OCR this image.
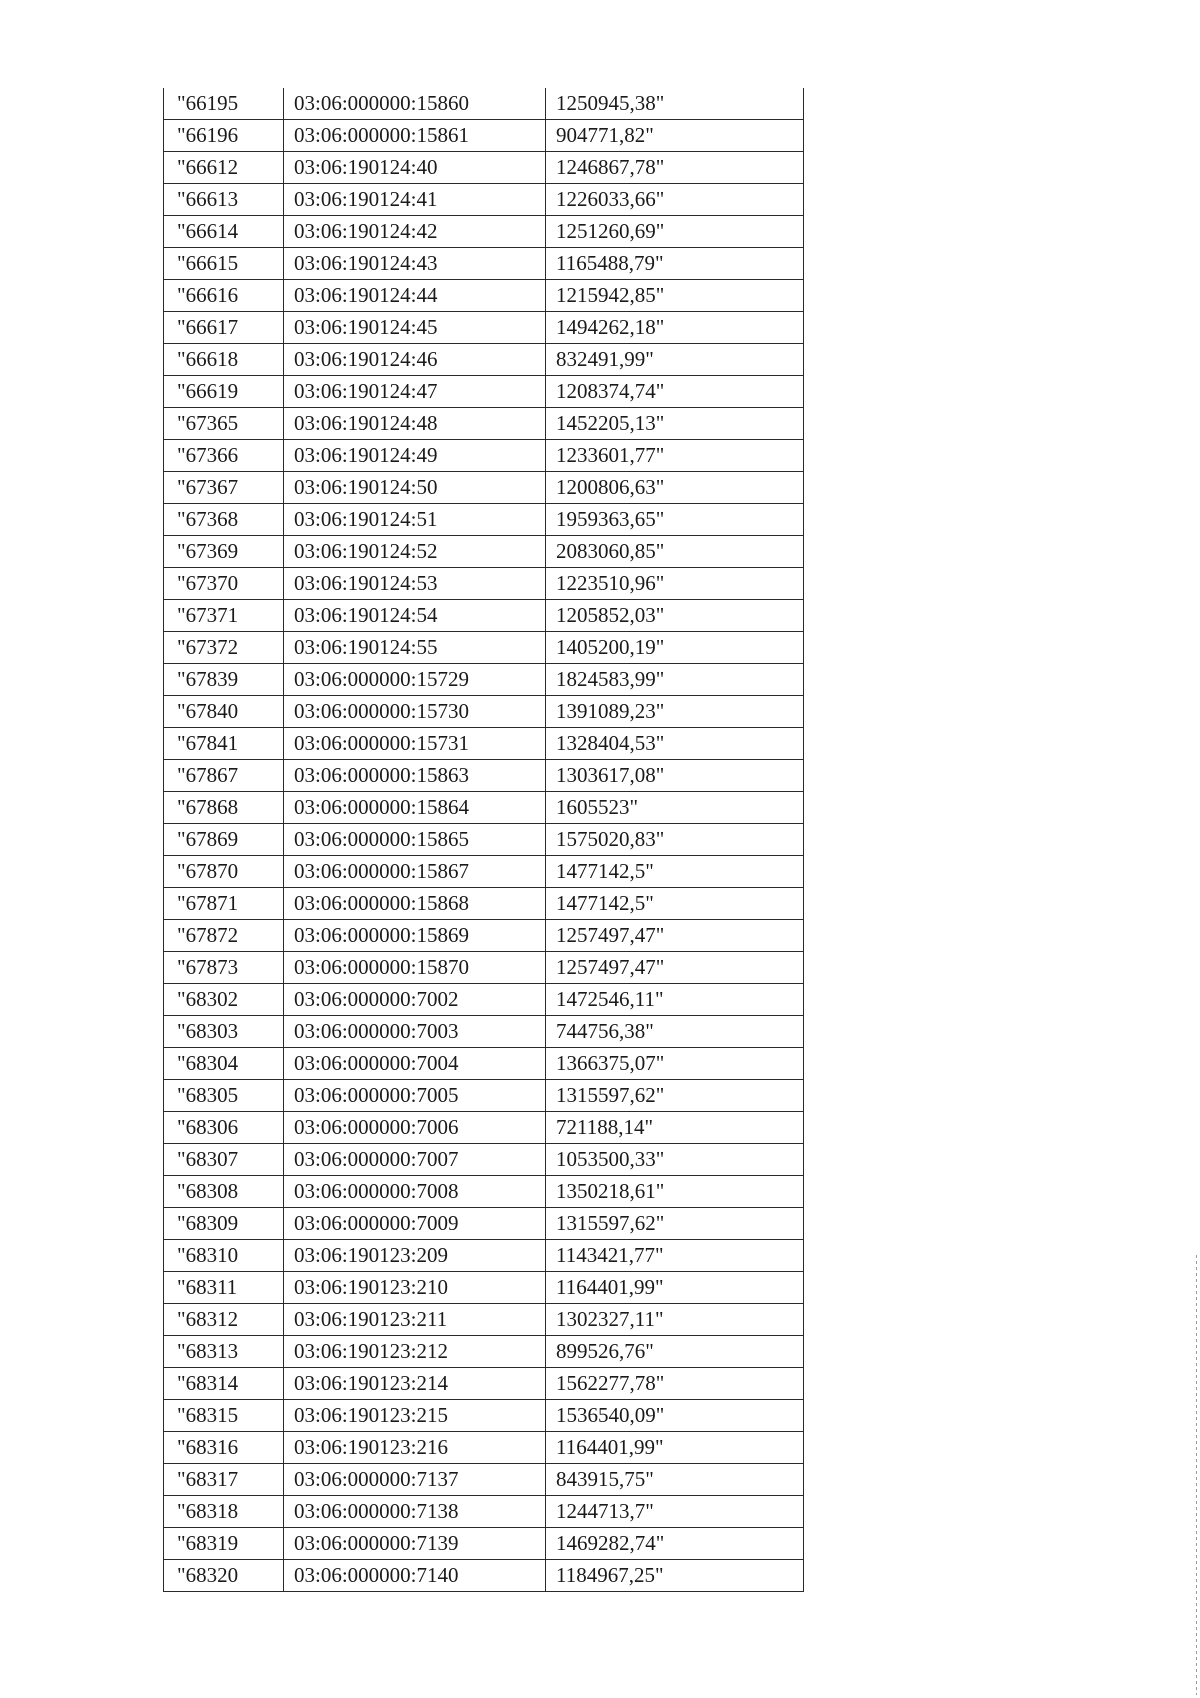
"66195	03:06:000000:15860	1250945,38"
"66196	03:06:000000:15861	904771,82"
"66612	03:06:190124:40	1246867,78"
"66613	03:06:190124:41	1226033,66"
"66614	03:06:190124:42	1251260,69"
"66615	03:06:190124:43	1165488,79"
"66616	03:06:190124:44	1215942,85"
"66617	03:06:190124:45	1494262,18"
"66618	03:06:190124:46	832491,99"
"66619	03:06:190124:47	1208374,74"
"67365	03:06:190124:48	1452205,13"
"67366	03:06:190124:49	1233601,77"
"67367	03:06:190124:50	1200806,63"
"67368	03:06:190124:51	1959363,65"
"67369	03:06:190124:52	2083060,85"
"67370	03:06:190124:53	1223510,96"
"67371	03:06:190124:54	1205852,03"
"67372	03:06:190124:55	1405200,19"
"67839	03:06:000000:15729	1824583,99"
"67840	03:06:000000:15730	1391089,23"
"67841	03:06:000000:15731	1328404,53"
"67867	03:06:000000:15863	1303617,08"
"67868	03:06:000000:15864	1605523"
"67869	03:06:000000:15865	1575020,83"
"67870	03:06:000000:15867	1477142,5"
"67871	03:06:000000:15868	1477142,5"
"67872	03:06:000000:15869	1257497,47"
"67873	03:06:000000:15870	1257497,47"
"68302	03:06:000000:7002	1472546,11"
"68303	03:06:000000:7003	744756,38"
"68304	03:06:000000:7004	1366375,07"
"68305	03:06:000000:7005	1315597,62"
"68306	03:06:000000:7006	721188,14"
"68307	03:06:000000:7007	1053500,33"
"68308	03:06:000000:7008	1350218,61"
"68309	03:06:000000:7009	1315597,62"
"68310	03:06:190123:209	1143421,77"
"68311	03:06:190123:210	1164401,99"
"68312	03:06:190123:211	1302327,11"
"68313	03:06:190123:212	899526,76"
"68314	03:06:190123:214	1562277,78"
"68315	03:06:190123:215	1536540,09"
"68316	03:06:190123:216	1164401,99"
"68317	03:06:000000:7137	843915,75"
"68318	03:06:000000:7138	1244713,7"
"68319	03:06:000000:7139	1469282,74"
"68320	03:06:000000:7140	1184967,25"
